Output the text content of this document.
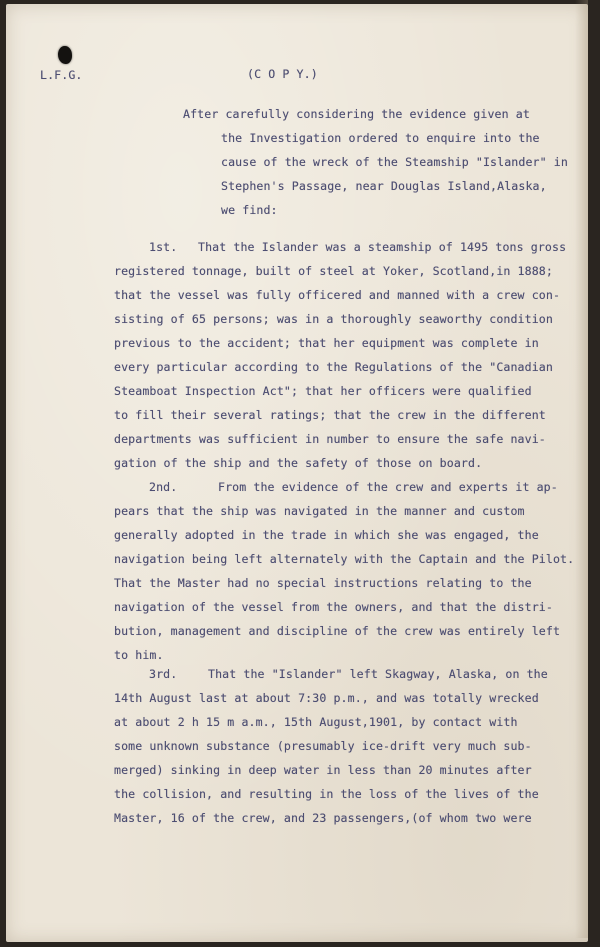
L.F.G.	(C O P Y.)
After carefully considering the evidence given at
the Investigation ordered to enquire into the
cause of the wreck of the Steamship "Islander" in
Stephen's Passage, near Douglas Island,Alaska,
we find:
1st. That the Islander was a steamship of 1495 tons gross
registered tonnage, built of steel at Yoker, Scotland,in 1888;
that the vessel was fully officered and manned with a crew con-
sisting of 65 persons; was in a thoroughly seaworthy condition
previous to the accident; that her equipment was complete in
every particular according to the Regulations of the "Canadian
Steamboat Inspection Act"; that her officers were qualified
to fill their several ratings; that the crew in the different
departments was sufficient in number to ensure the safe navi-
gation of the ship and the safety of those on board.
2nd.	From the evidence of the crew and experts it ap-
pears that the ship was navigated in the manner and custom
generally adopted in the trade in which she was engaged, the
navigation being left alternately with the Captain and the Pilot.
That the Master had no special instructions relating to the
navigation of the vessel from the owners, and that the distri-
bution, management and discipline of the crew was entirely left
to him.
3rd.	That the "Islander" left Skagway, Alaska, on the
14th August last at about 7:30 p.m., and was totally wrecked
at about 2 h 15 m a.m., 15th August,1901, by contact with
some unknown substance (presumably ice-drift very much sub-
merged) sinking in deep water in less than 20 minutes after
the collision, and resulting in the loss of the lives of the
Master, 16 of the crew, and 23 passengers,(of whom two were
